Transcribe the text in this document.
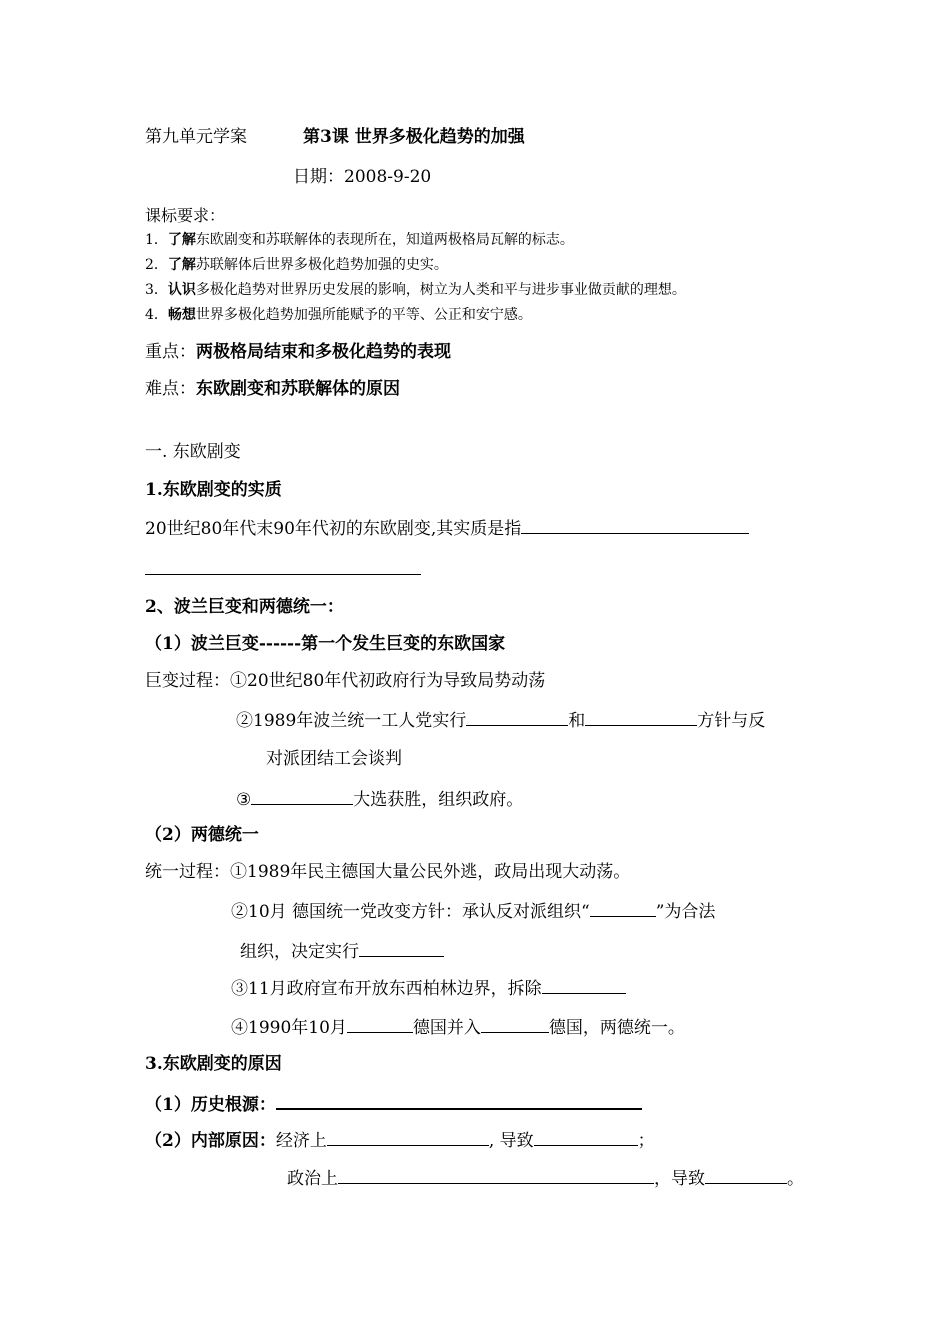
第九单元学案	第3课 世界多极化趋势的加强
日期：2008-9-20
课标要求：
1．了解东欧剧变和苏联解体的表现所在，知道两极格局瓦解的标志。
2．了解苏联解体后世界多极化趋势加强的史实。
3．认识多极化趋势对世界历史发展的影响，树立为人类和平与进步事业做贡献的理想。
4．畅想世界多极化趋势加强所能赋予的平等、公正和安宁感。
重点：两极格局结束和多极化趋势的表现
难点：东欧剧变和苏联解体的原因
一. 东欧剧变
1.东欧剧变的实质
20世纪80年代末90年代初的东欧剧变,其实质是指
2、波兰巨变和两德统一：
（1）波兰巨变------第一个发生巨变的东欧国家
巨变过程：①20世纪80年代初政府行为导致局势动荡
②1989年波兰统一工人党实行	和	方针与反
对派团结工会谈判
③	大选获胜，组织政府。
（2）两德统一
统一过程：①1989年民主德国大量公民外逃，政局出现大动荡。
②10月 德国统一党改变方针：承认反对派组织“	”为合法
组织，决定实行
③11月政府宣布开放东西柏林边界，拆除
④1990年10月	德国并入	德国，两德统一。
3.东欧剧变的原因
（1）历史根源：
（2）内部原因：经济上	, 导致	；
政治上	，导致	。
